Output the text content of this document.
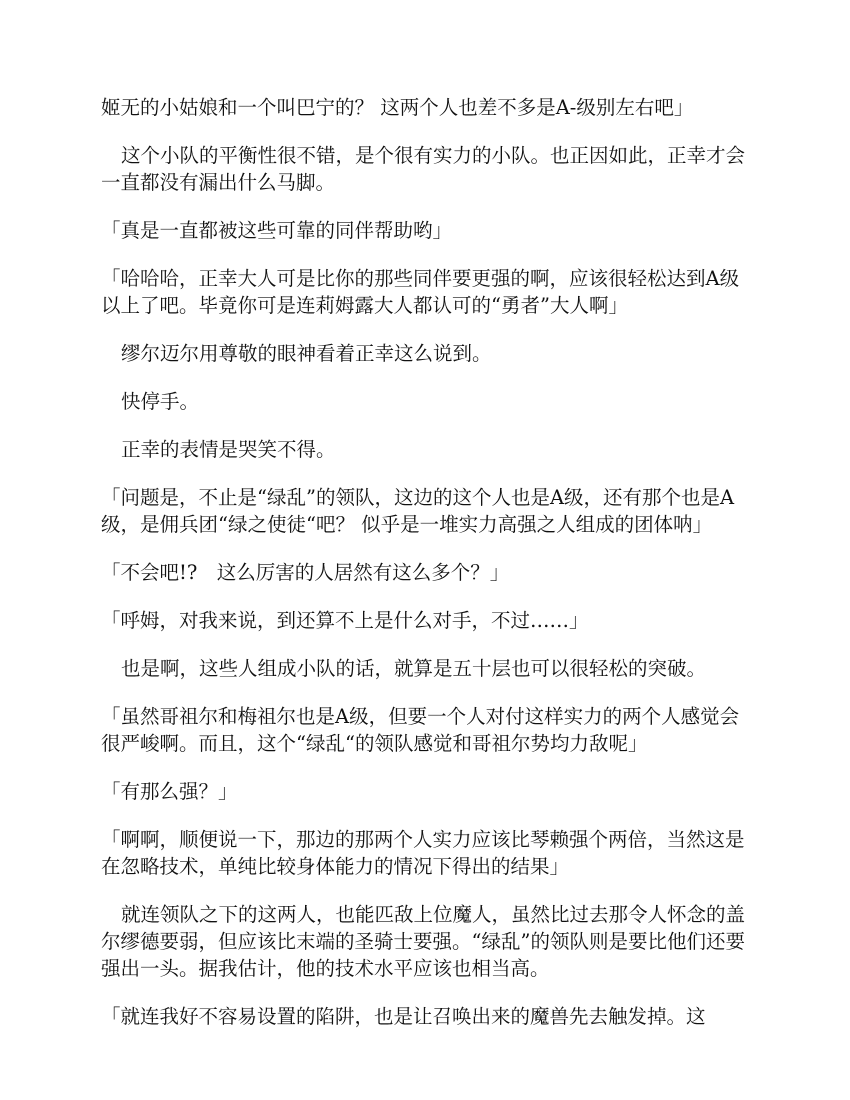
姬无的小姑娘和一个叫巴宁的？ 这两个人也差不多是A-级别左右吧」

这个小队的平衡性很不错，是个很有实力的小队。也正因如此，正幸才会一直都没有漏出什么马脚。

「真是一直都被这些可靠的同伴帮助哟」

「哈哈哈，正幸大人可是比你的那些同伴要更强的啊，应该很轻松达到A级以上了吧。毕竟你可是连莉姆露大人都认可的“勇者”大人啊」

缪尔迈尔用尊敬的眼神看着正幸这么说到。

快停手。

正幸的表情是哭笑不得。

「问题是，不止是“绿乱”的领队，这边的这个人也是A级，还有那个也是A级，是佣兵团“绿之使徒“吧？ 似乎是一堆实力高强之人组成的团体呐」

「不会吧!?　这么厉害的人居然有这么多个？」

「呼姆，对我来说，到还算不上是什么对手，不过……」

也是啊，这些人组成小队的话，就算是五十层也可以很轻松的突破。

「虽然哥祖尔和梅祖尔也是A级，但要一个人对付这样实力的两个人感觉会很严峻啊。而且，这个“绿乱“的领队感觉和哥祖尔势均力敌呢」

「有那么强？」

「啊啊，顺便说一下，那边的那两个人实力应该比琴赖强个两倍，当然这是在忽略技术，单纯比较身体能力的情况下得出的结果」

就连领队之下的这两人，也能匹敌上位魔人，虽然比过去那令人怀念的盖尔缪德要弱，但应该比末端的圣骑士要强。“绿乱”的领队则是要比他们还要强出一头。据我估计，他的技术水平应该也相当高。

「就连我好不容易设置的陷阱，也是让召唤出来的魔兽先去触发掉。这
